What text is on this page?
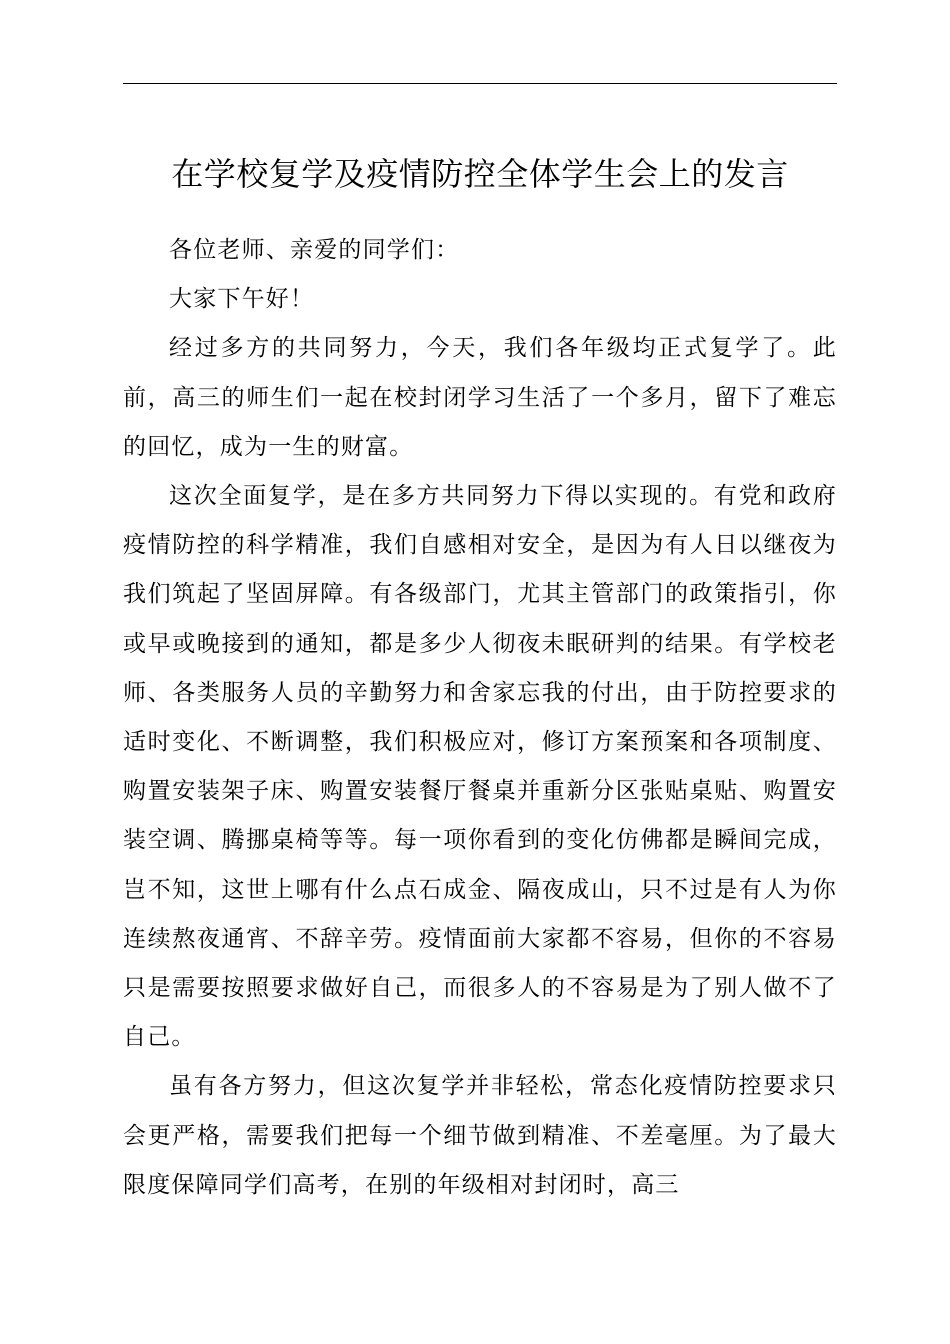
在学校复学及疫情防控全体学生会上的发言

各位老师、亲爱的同学们：

大家下午好！

经过多方的共同努力，今天，我们各年级均正式复学了。此前，高三的师生们一起在校封闭学习生活了一个多月，留下了难忘的回忆，成为一生的财富。

这次全面复学，是在多方共同努力下得以实现的。有党和政府疫情防控的科学精准，我们自感相对安全，是因为有人日以继夜为我们筑起了坚固屏障。有各级部门，尤其主管部门的政策指引，你或早或晚接到的通知，都是多少人彻夜未眠研判的结果。有学校老师、各类服务人员的辛勤努力和舍家忘我的付出，由于防控要求的适时变化、不断调整，我们积极应对，修订方案预案和各项制度、购置安装架子床、购置安装餐厅餐桌并重新分区张贴桌贴、购置安装空调、腾挪桌椅等等。每一项你看到的变化仿佛都是瞬间完成，岂不知，这世上哪有什么点石成金、隔夜成山，只不过是有人为你连续熬夜通宵、不辞辛劳。疫情面前大家都不容易，但你的不容易只是需要按照要求做好自己，而很多人的不容易是为了别人做不了自己。

虽有各方努力，但这次复学并非轻松，常态化疫情防控要求只会更严格，需要我们把每一个细节做到精准、不差毫厘。为了最大限度保障同学们高考，在别的年级相对封闭时，高三
